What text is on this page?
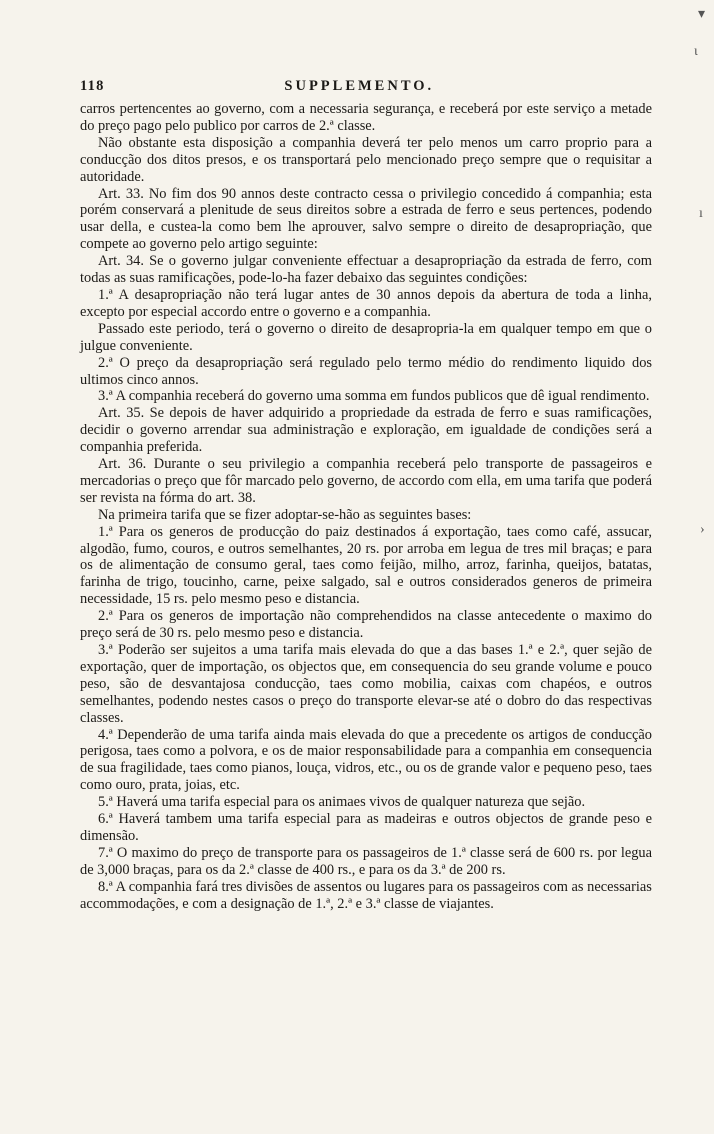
▾
ι
ı
›
118	SUPPLEMENTO.

carros pertencentes ao governo, com a necessaria segurança, e receberá por este serviço a metade do preço pago pelo publico por carros de 2.ª classe.

Não obstante esta disposição a companhia deverá ter pelo menos um carro proprio para a conducção dos ditos presos, e os transportará pelo mencionado preço sempre que o requisitar a autoridade.

Art. 33. No fim dos 90 annos deste contracto cessa o privilegio concedido á companhia; esta porém conservará a plenitude de seus direitos sobre a estrada de ferro e seus pertences, podendo usar della, e custea-la como bem lhe aprouver, salvo sempre o direito de desapropriação, que compete ao governo pelo artigo seguinte:

Art. 34. Se o governo julgar conveniente effectuar a desapropriação da estrada de ferro, com todas as suas ramificações, pode-lo-ha fazer debaixo das seguintes condições:

1.ª A desapropriação não terá lugar antes de 30 annos depois da abertura de toda a linha, excepto por especial accordo entre o governo e a companhia.

Passado este periodo, terá o governo o direito de desapropria-la em qualquer tempo em que o julgue conveniente.

2.ª O preço da desapropriação será regulado pelo termo médio do rendimento liquido dos ultimos cinco annos.

3.ª A companhia receberá do governo uma somma em fundos publicos que dê igual rendimento.

Art. 35. Se depois de haver adquirido a propriedade da estrada de ferro e suas ramificações, decidir o governo arrendar sua administração e exploração, em igualdade de condições será a companhia preferida.

Art. 36. Durante o seu privilegio a companhia receberá pelo transporte de passageiros e mercadorias o preço que fôr marcado pelo governo, de accordo com ella, em uma tarifa que poderá ser revista na fórma do art. 38.

Na primeira tarifa que se fizer adoptar-se-hão as seguintes bases:

1.ª Para os generos de producção do paiz destinados á exportação, taes como café, assucar, algodão, fumo, couros, e outros semelhantes, 20 rs. por arroba em legua de tres mil braças; e para os de alimentação de consumo geral, taes como feijão, milho, arroz, farinha, queijos, batatas, farinha de trigo, toucinho, carne, peixe salgado, sal e outros considerados generos de primeira necessidade, 15 rs. pelo mesmo peso e distancia.

2.ª Para os generos de importação não comprehendidos na classe antecedente o maximo do preço será de 30 rs. pelo mesmo peso e distancia.

3.ª Poderão ser sujeitos a uma tarifa mais elevada do que a das bases 1.ª e 2.ª, quer sejão de exportação, quer de importação, os objectos que, em consequencia do seu grande volume e pouco peso, são de desvantajosa conducção, taes como mobilia, caixas com chapéos, e outros semelhantes, podendo nestes casos o preço do transporte elevar-se até o dobro do das respectivas classes.

4.ª Dependerão de uma tarifa ainda mais elevada do que a precedente os artigos de conducção perigosa, taes como a polvora, e os de maior responsabilidade para a companhia em consequencia de sua fragilidade, taes como pianos, louça, vidros, etc., ou os de grande valor e pequeno peso, taes como ouro, prata, joias, etc.

5.ª Haverá uma tarifa especial para os animaes vivos de qualquer natureza que sejão.

6.ª Haverá tambem uma tarifa especial para as madeiras e outros objectos de grande peso e dimensão.

7.ª O maximo do preço de transporte para os passageiros de 1.ª classe será de 600 rs. por legua de 3,000 braças, para os da 2.ª classe de 400 rs., e para os da 3.ª de 200 rs.

8.ª A companhia fará tres divisões de assentos ou lugares para os passageiros com as necessarias accommodações, e com a designação de 1.ª, 2.ª e 3.ª classe de viajantes.
